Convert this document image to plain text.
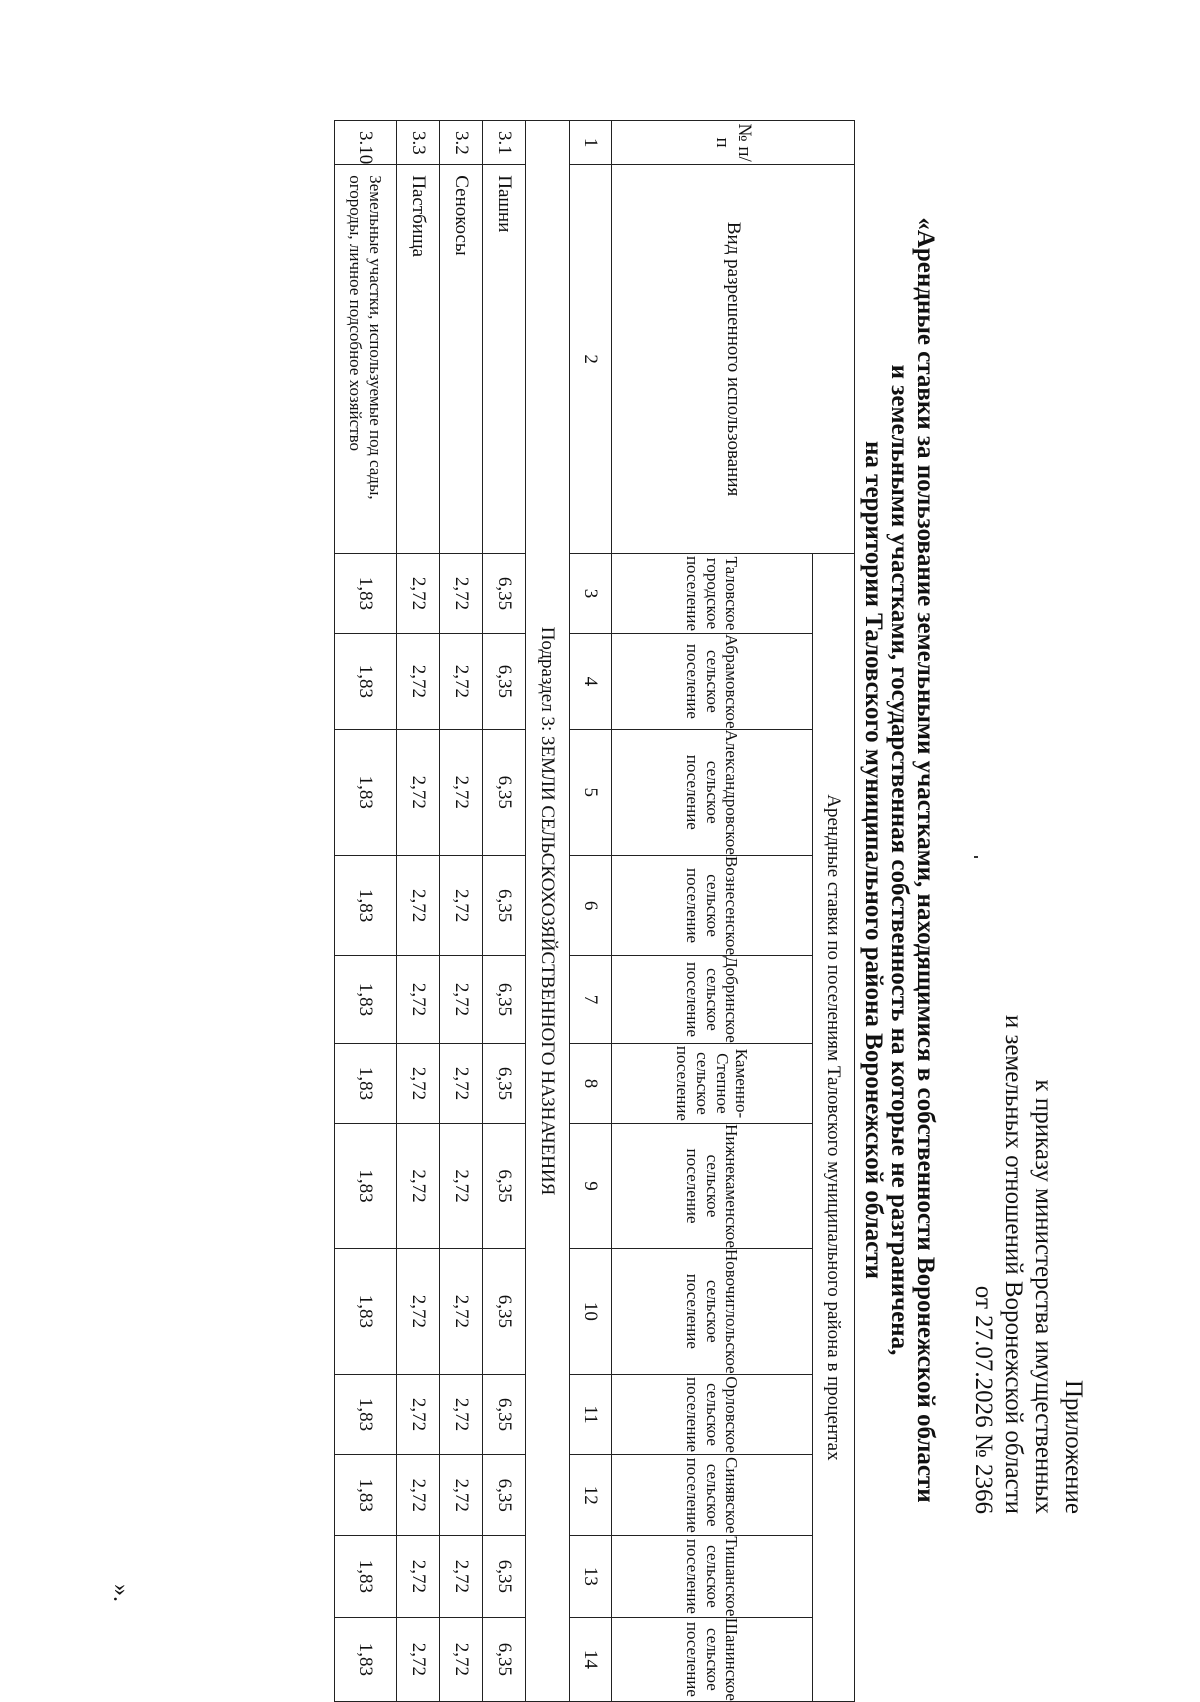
Приложение
к приказу министерства имущественных
и земельных отношений Воронежской области
от 27.07.2026 № 2366
«Арендные ставки за пользование земельными участками, находящимися в собственности Воронежской области
и земельными участками, государственная собственность на которые не разграничена,
на территории Таловского муниципального района Воронежской области
№ п/п	Вид разрешенного использования	Арендные ставки по поселениям Таловского муниципального района в процентах											
		Таловское городское поселение	Абрамовское сельское поселение	Александровское сельское поселение	Вознесенское сельское поселение	Добринское сельское поселение	Каменно-Степное сельское поселение	Нижнекаменское сельское поселение	Новочиглольское сельское поселение	Орловское сельское поселение	Синявское сельское поселение	Тишанское сельское поселение	Шанинское сельское поселение
1	2	3	4	5	6	7	8	9	10	11	12	13	14
Подраздел 3: ЗЕМЛИ СЕЛЬСКОХОЗЯЙСТВЕННОГО НАЗНАЧЕНИЯ													
3.1	Пашни	6,35	6,35	6,35	6,35	6,35	6,35	6,35	6,35	6,35	6,35	6,35	6,35
3.2	Сенокосы	2,72	2,72	2,72	2,72	2,72	2,72	2,72	2,72	2,72	2,72	2,72	2,72
3.3	Пастбища	2,72	2,72	2,72	2,72	2,72	2,72	2,72	2,72	2,72	2,72	2,72	2,72
3.10	Земельные участки, используемые под сады, огороды, личное подсобное хозяйство	1,83	1,83	1,83	1,83	1,83	1,83	1,83	1,83	1,83	1,83	1,83	1,83
».
